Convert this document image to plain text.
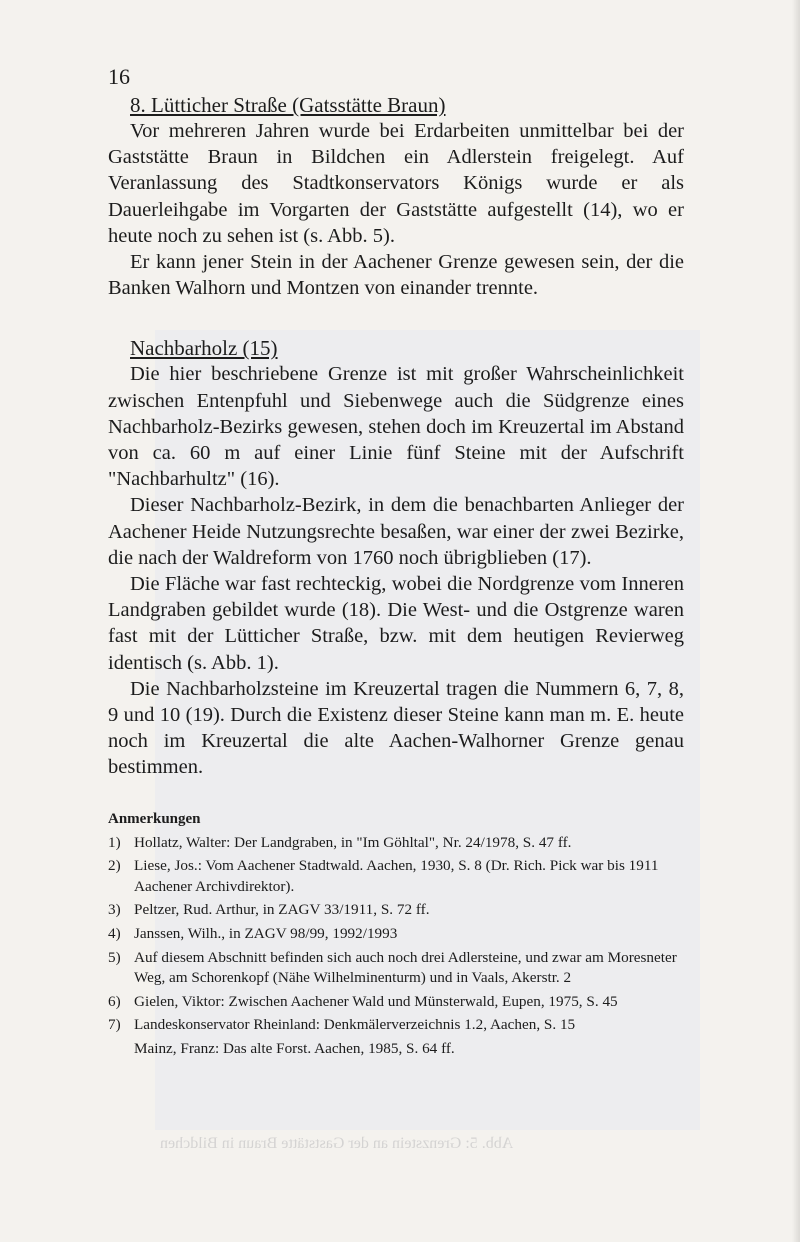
Abb. 5: Grenzstein an der Gaststätte Braun in Bildchen
16
8. Lütticher Straße (Gatsstätte Braun)

Vor mehreren Jahren wurde bei Erdarbeiten unmittelbar bei der Gaststätte Braun in Bildchen ein Adlerstein freigelegt. Auf Veranlassung des Stadtkonservators Königs wurde er als Dauerleihgabe im Vorgarten der Gaststätte aufgestellt (14), wo er heute noch zu sehen ist (s. Abb. 5).

Er kann jener Stein in der Aachener Grenze gewesen sein, der die Banken Walhorn und Montzen von einander trennte.

Nachbarholz (15)

Die hier beschriebene Grenze ist mit großer Wahrscheinlichkeit zwischen Entenpfuhl und Siebenwege auch die Südgrenze eines Nachbarholz-Bezirks gewesen, stehen doch im Kreuzertal im Abstand von ca. 60 m auf einer Linie fünf Steine mit der Aufschrift "Nachbarhultz" (16).

Dieser Nachbarholz-Bezirk, in dem die benachbarten Anlieger der Aachener Heide Nutzungsrechte besaßen, war einer der zwei Bezirke, die nach der Waldreform von 1760 noch übrigblieben (17).

Die Fläche war fast rechteckig, wobei die Nordgrenze vom Inneren Landgraben gebildet wurde (18). Die West- und die Ostgrenze waren fast mit der Lütticher Straße, bzw. mit dem heutigen Revierweg identisch (s. Abb. 1).

Die Nachbarholzsteine im Kreuzertal tragen die Nummern 6, 7, 8, 9 und 10 (19). Durch die Existenz dieser Steine kann man m. E. heute noch im Kreuzertal die alte Aachen-Walhorner Grenze genau bestimmen.

Anmerkungen
1) Hollatz, Walter: Der Landgraben, in "Im Göhltal", Nr. 24/1978, S. 47 ff.
2) Liese, Jos.: Vom Aachener Stadtwald. Aachen, 1930, S. 8 (Dr. Rich. Pick war bis 1911 Aachener Archivdirektor).
3) Peltzer, Rud. Arthur, in ZAGV 33/1911, S. 72 ff.
4) Janssen, Wilh., in ZAGV 98/99, 1992/1993
5) Auf diesem Abschnitt befinden sich auch noch drei Adlersteine, und zwar am Moresneter Weg, am Schorenkopf (Nähe Wilhelminenturm) und in Vaals, Akerstr. 2
6) Gielen, Viktor: Zwischen Aachener Wald und Münsterwald, Eupen, 1975, S. 45
7) Landeskonservator Rheinland: Denkmälerverzeichnis 1.2, Aachen, S. 15
Mainz, Franz: Das alte Forst. Aachen, 1985, S. 64 ff.
